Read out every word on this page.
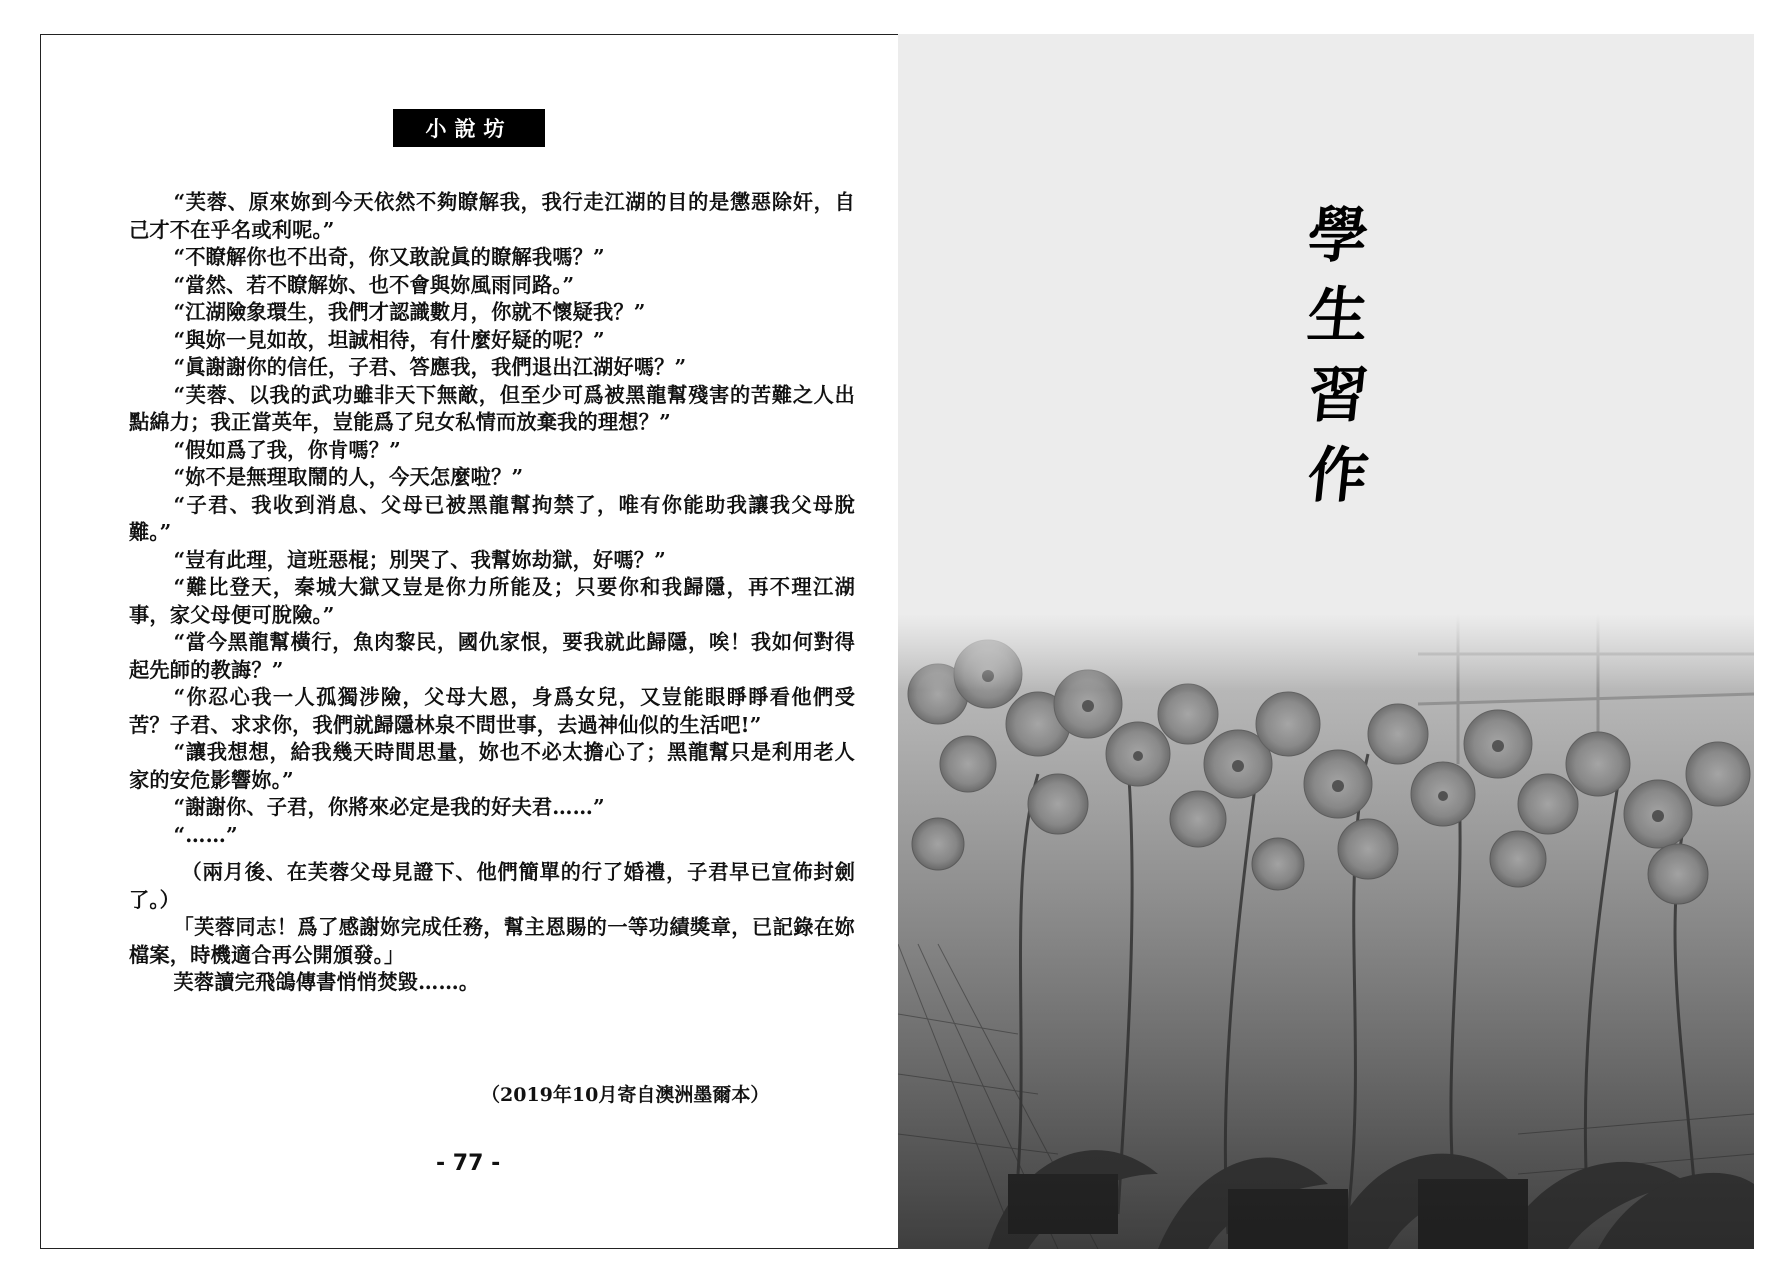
小說坊

“芙蓉、原來妳到今天依然不夠瞭解我，我行走江湖的目的是懲惡除奸，自己才不在乎名或利呢。”

“不瞭解你也不出奇，你又敢說眞的瞭解我嗎？”

“當然、若不瞭解妳、也不會與妳風雨同路。”

“江湖險象環生，我們才認識數月，你就不懷疑我？”

“與妳一見如故，坦誠相待，有什麼好疑的呢？”

“眞謝謝你的信任，子君、答應我，我們退出江湖好嗎？”

“芙蓉、以我的武功雖非天下無敵，但至少可爲被黑龍幫殘害的苦難之人出點綿力；我正當英年，豈能爲了兒女私情而放棄我的理想？”

“假如爲了我，你肯嗎？”

“妳不是無理取鬧的人，今天怎麼啦？”

“子君、我收到消息、父母已被黑龍幫拘禁了，唯有你能助我讓我父母脫難。”

“豈有此理，這班惡棍；別哭了、我幫妳劫獄，好嗎？”

“難比登天，秦城大獄又豈是你力所能及；只要你和我歸隱，再不理江湖事，家父母便可脫險。”

“當今黑龍幫橫行，魚肉黎民，國仇家恨，要我就此歸隱，唉！我如何對得起先師的教誨？”

“你忍心我一人孤獨涉險，父母大恩，身爲女兒，又豈能眼睜睜看他們受苦？子君、求求你，我們就歸隱林泉不問世事，去過神仙似的生活吧!”

“讓我想想，給我幾天時間思量，妳也不必太擔心了；黑龍幫只是利用老人家的安危影響妳。”

“謝謝你、子君，你將來必定是我的好夫君……”

“……”

（兩月後、在芙蓉父母見證下、他們簡單的行了婚禮，子君早已宣佈封劍了。）

「芙蓉同志！爲了感謝妳完成任務，幫主恩賜的一等功績獎章，已記錄在妳檔案，時機適合再公開頒發。」

芙蓉讀完飛鴿傳書悄悄焚毀……。

（2019年10月寄自澳洲墨爾本）
- 77 -
學
生
習
作
